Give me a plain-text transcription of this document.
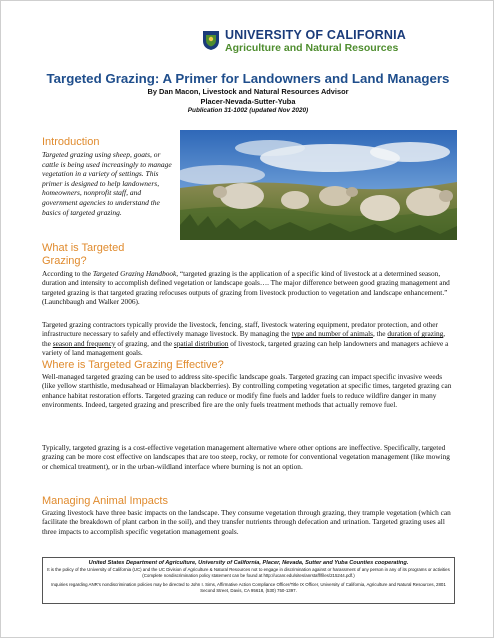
UNIVERSITY OF CALIFORNIA
Agriculture and Natural Resources
Targeted Grazing: A Primer for Landowners and Land Managers
By Dan Macon, Livestock and Natural Resources Advisor
Placer-Nevada-Sutter-Yuba
Publication 31-1002 (updated Nov 2020)
Introduction
Targeted grazing using sheep, goats, or cattle is being used increasingly to manage vegetation in a variety of settings. This primer is designed to help landowners, homeowners, nonprofit staff, and government agencies to understand the basics of targeted grazing.
What is Targeted Grazing?
According to the Targeted Grazing Handbook, “targeted grazing is the application of a specific kind of livestock at a determined season, duration and intensity to accomplish defined vegetation or landscape goals…. The major difference between good grazing management and targeted grazing is that targeted grazing refocuses outputs of grazing from livestock production to vegetation and landscape enhancement.” (Launchbaugh and Walker 2006).
Targeted grazing contractors typically provide the livestock, fencing, staff, livestock watering equipment, predator protection, and other infrastructure necessary to safely and effectively manage livestock. By managing the type and number of animals, the duration of grazing, the season and frequency of grazing, and the spatial distribution of livestock, targeted grazing can help landowners and managers achieve a variety of land management goals.
Where is Targeted Grazing Effective?
Well-managed targeted grazing can be used to address site-specific landscape goals. Targeted grazing can impact specific invasive weeds (like yellow starthistle, medusahead or Himalayan blackberries). By controlling competing vegetation at specific times, targeted grazing can enhance habitat restoration efforts. Targeted grazing can reduce or modify fine fuels and ladder fuels to reduce wildfire danger in many environments. Indeed, targeted grazing and prescribed fire are the only fuels treatment methods that actually remove fuel.
Typically, targeted grazing is a cost-effective vegetation management alternative where other options are ineffective. Specifically, targeted grazing can be more cost effective on landscapes that are too steep, rocky, or remote for conventional vegetation management (like mowing or chemical treatment), or in the urban-wildland interface where burning is not an option.
Managing Animal Impacts
Grazing livestock have three basic impacts on the landscape. They consume vegetation through grazing, they trample vegetation (which can facilitate the breakdown of plant carbon in the soil), and they transfer nutrients through defecation and urination. Targeted grazing uses all three impacts to accomplish specific vegetation management goals.
United States Department of Agriculture, University of California, Placer, Nevada, Sutter and Yuba Counties cooperating.
It is the policy of the University of California (UC) and the UC Division of Agriculture & Natural Resources not to engage in discrimination against or harassment of any person in any of its programs or activities (Complete nondiscrimination policy statement can be found at http://ucanr.edu/sites/anrstaff/files/215244.pdf.)
Inquiries regarding ANR’s nondiscrimination policies may be directed to John I. Sims, Affirmative Action Compliance Officer/Title IX Officer, University of California, Agriculture and Natural Resources, 2801 Second Street, Davis, CA 95618, (530) 750-1397.
